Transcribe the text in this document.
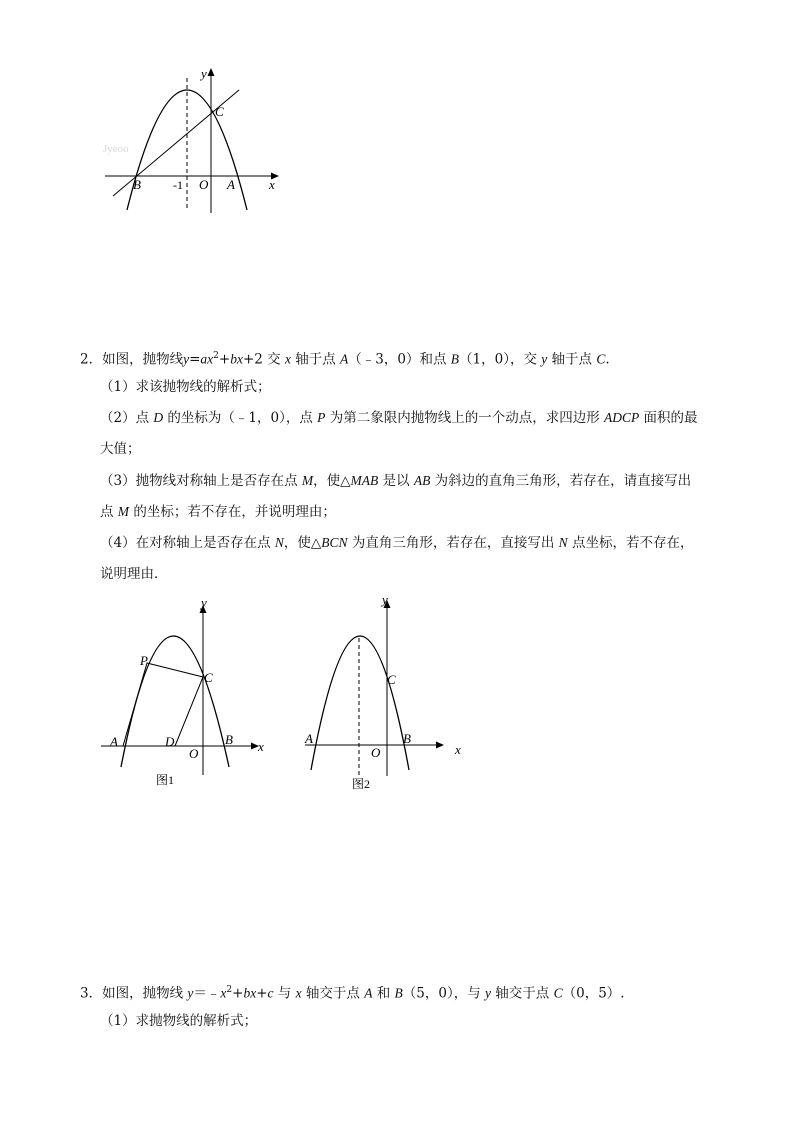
Jyeoo
y
x
C
B	-1 O A
2．如图，抛物线$y=ax^2+bx+2$ 交 x 轴于点 A（﹣3，0）和点 B（1，0），交 y 轴于点 C.
（1）求该抛物线的解析式；
（2）点 D 的坐标为（﹣1，0），点 P 为第二象限内抛物线上的一个动点，求四边形 ADCP 面积的最
大值；
（3）抛物线对称轴上是否存在点 M，使△MAB 是以 AB 为斜边的直角三角形，若存在，请直接写出
点 M 的坐标；若不存在，并说明理由；
（4）在对称轴上是否存在点 N，使△BCN 为直角三角形，若存在，直接写出 N 点坐标，若不存在，
说明理由．
y
x
P
C
A	D
O
B
图1
y
x
C
A
O
B
图2
3．如图，抛物线 $y=﹣x^2+bx+c$ 与 x 轴交于点 A 和 B（5，0），与 y 轴交于点 C（0，5）.
（1）求抛物线的解析式；
